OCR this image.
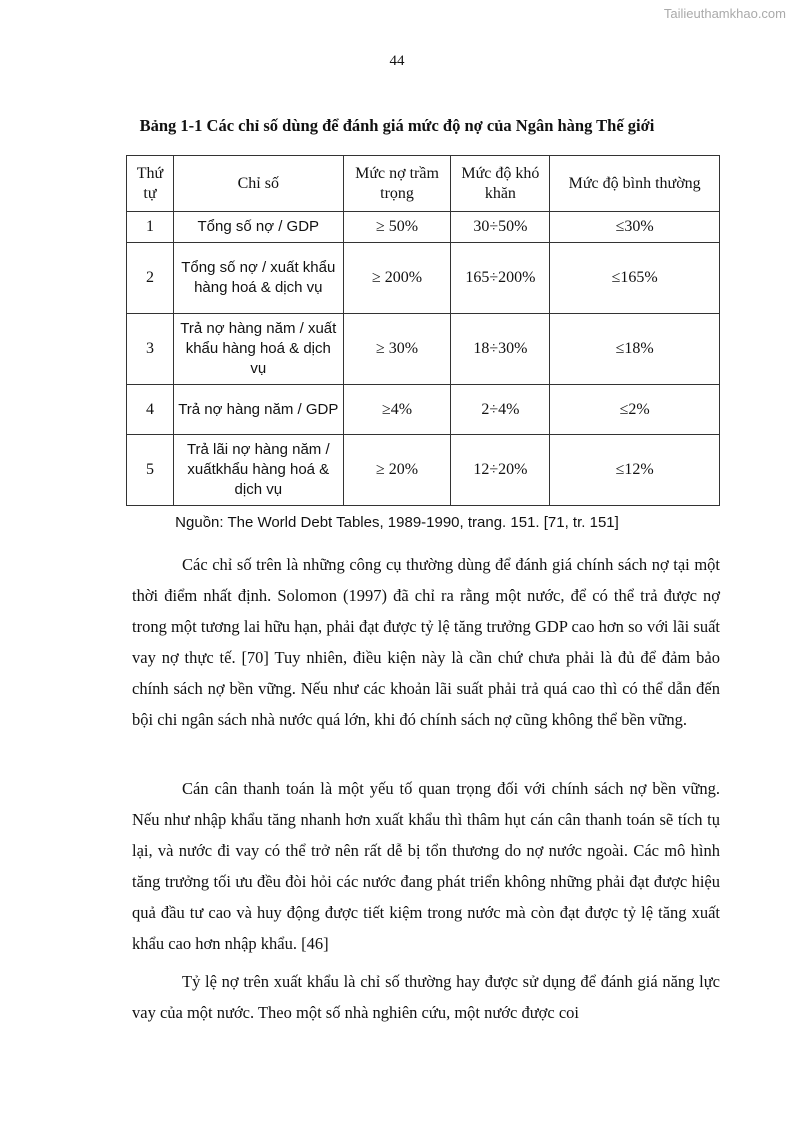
Tailieuthamkhao.com
44
Bảng 1-1 Các chỉ số dùng để đánh giá mức độ nợ của Ngân hàng Thế giới
Thứ tự	Chỉ số	Mức nợ trầm trọng	Mức độ khó khăn	Mức độ bình thường
1	Tổng số nợ / GDP	≥ 50%	30÷50%	≤30%
2	Tổng số nợ / xuất khẩu hàng hoá & dịch vụ	≥ 200%	165÷200%	≤165%
3	Trả nợ hàng năm / xuất khẩu hàng hoá & dịch vụ	≥ 30%	18÷30%	≤18%
4	Trả nợ hàng năm / GDP	≥4%	2÷4%	≤2%
5	Trả lãi nợ hàng năm / xuấtkhẩu hàng hoá & dịch vụ	≥ 20%	12÷20%	≤12%
Nguồn: The World Debt Tables, 1989-1990, trang. 151. [71, tr. 151]

Các chỉ số trên là những công cụ thường dùng để đánh giá chính sách nợ tại một thời điểm nhất định. Solomon (1997) đã chỉ ra rằng một nước, để có thể trả được nợ trong một tương lai hữu hạn, phải đạt được tỷ lệ tăng trưởng GDP cao hơn so với lãi suất vay nợ thực tế. [70] Tuy nhiên, điều kiện này là cần chứ chưa phải là đủ để đảm bảo chính sách nợ bền vững. Nếu như các khoản lãi suất phải trả quá cao thì có thể dẫn đến bội chi ngân sách nhà nước quá lớn, khi đó chính sách nợ cũng không thể bền vững.

Cán cân thanh toán là một yếu tố quan trọng đối với chính sách nợ bền vững. Nếu như nhập khẩu tăng nhanh hơn xuất khẩu thì thâm hụt cán cân thanh toán sẽ tích tụ lại, và nước đi vay có thể trở nên rất dễ bị tổn thương do nợ nước ngoài. Các mô hình tăng trưởng tối ưu đều đòi hỏi các nước đang phát triển không những phải đạt được hiệu quả đầu tư cao và huy động được tiết kiệm trong nước mà còn đạt được tỷ lệ tăng xuất khẩu cao hơn nhập khẩu. [46]

Tỷ lệ nợ trên xuất khẩu là chỉ số thường hay được sử dụng để đánh giá năng lực vay của một nước. Theo một số nhà nghiên cứu, một nước được coi
